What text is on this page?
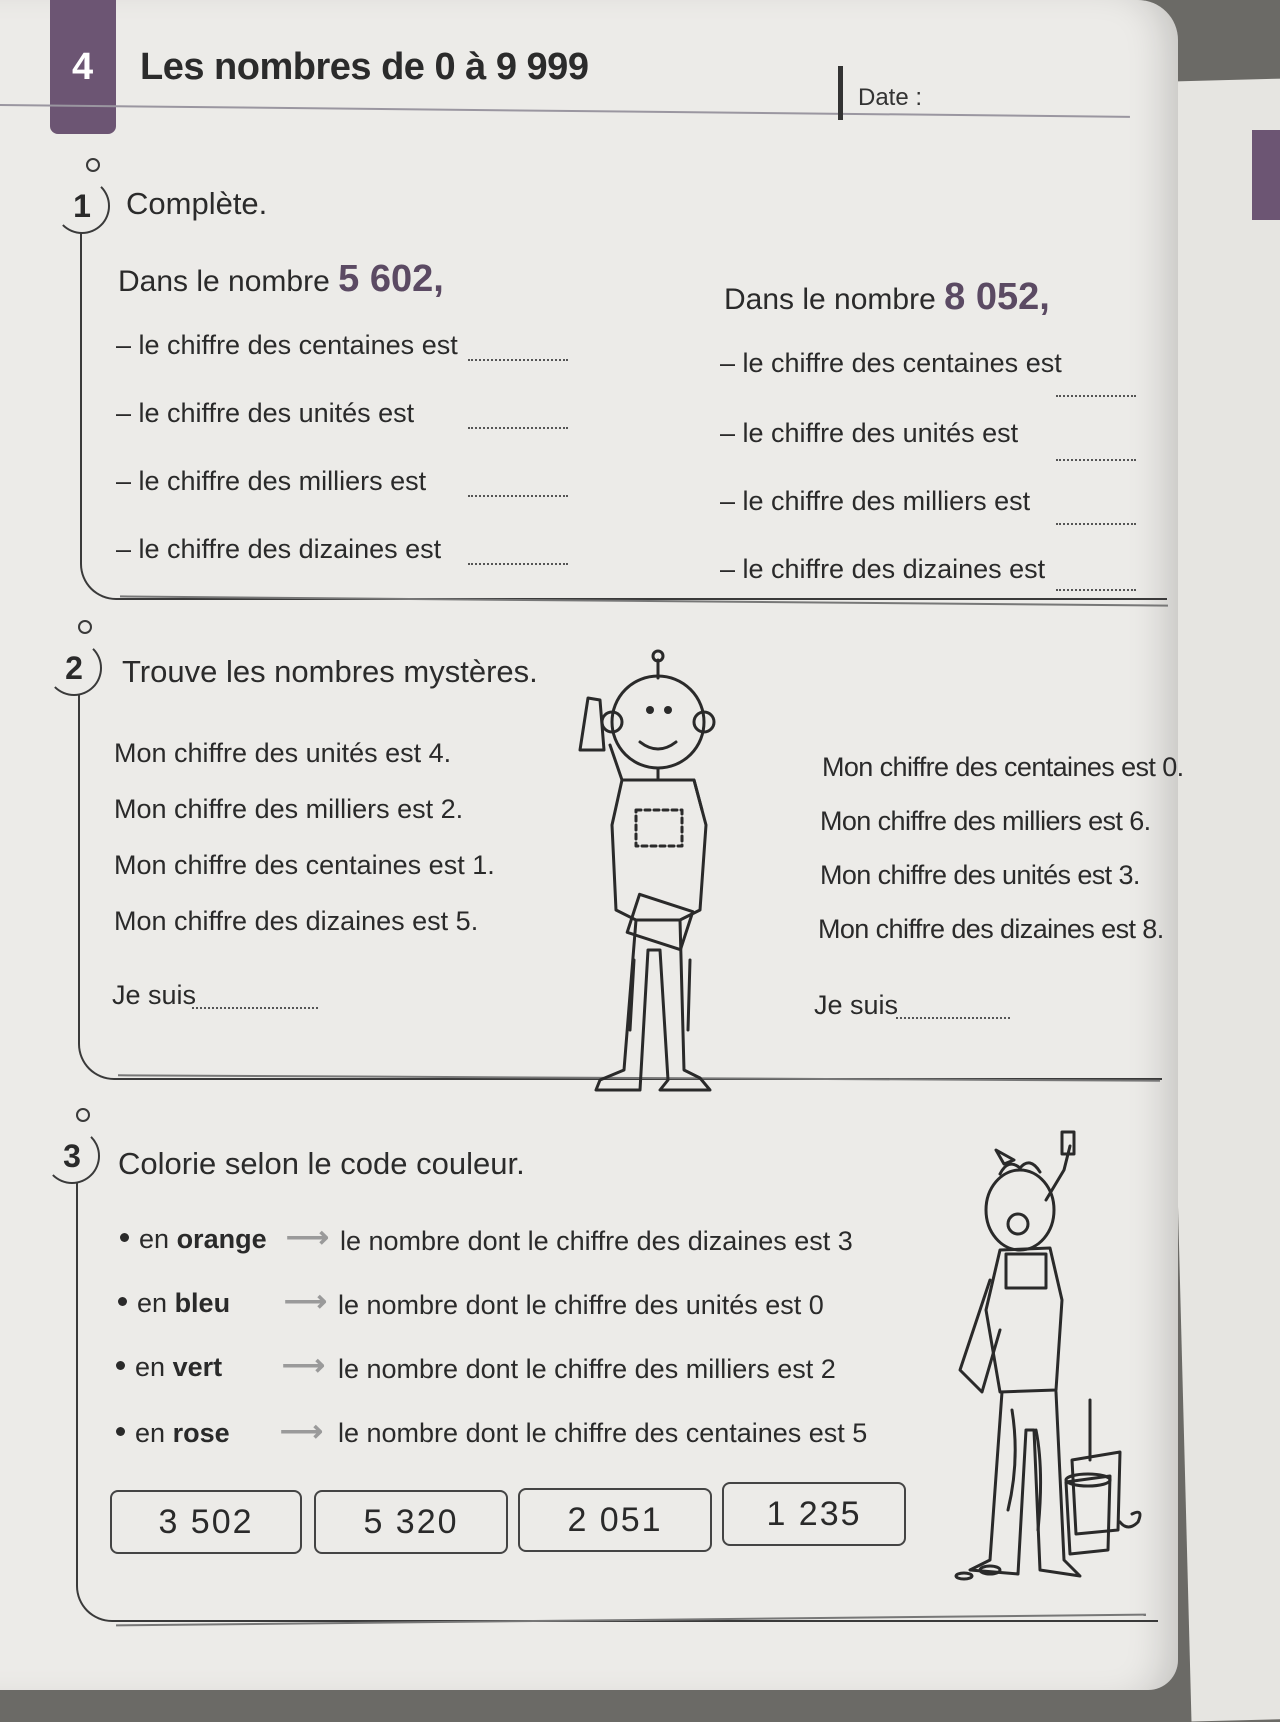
4 Les nombres de 0 à 9 999
Date :
1	Complète.
Dans le nombre 5 602,
– le chiffre des centaines est
– le chiffre des unités est
– le chiffre des milliers est
– le chiffre des dizaines est
Dans le nombre 8 052,
– le chiffre des centaines est
– le chiffre des unités est
– le chiffre des milliers est
– le chiffre des dizaines est
2	Trouve les nombres mystères.
Mon chiffre des unités est 4.
Mon chiffre des milliers est 2.
Mon chiffre des centaines est 1.
Mon chiffre des dizaines est 5.
Je suis
Mon chiffre des centaines est 0.
Mon chiffre des milliers est 6.
Mon chiffre des unités est 3.
Mon chiffre des dizaines est 8.
Je suis
3	Colorie selon le code couleur.
en orange ⟶ le nombre dont le chiffre des dizaines est 3
en bleu ⟶ le nombre dont le chiffre des unités est 0
en vert ⟶ le nombre dont le chiffre des milliers est 2
en rose ⟶ le nombre dont le chiffre des centaines est 5
3 502	5 320	2 051	1 235
